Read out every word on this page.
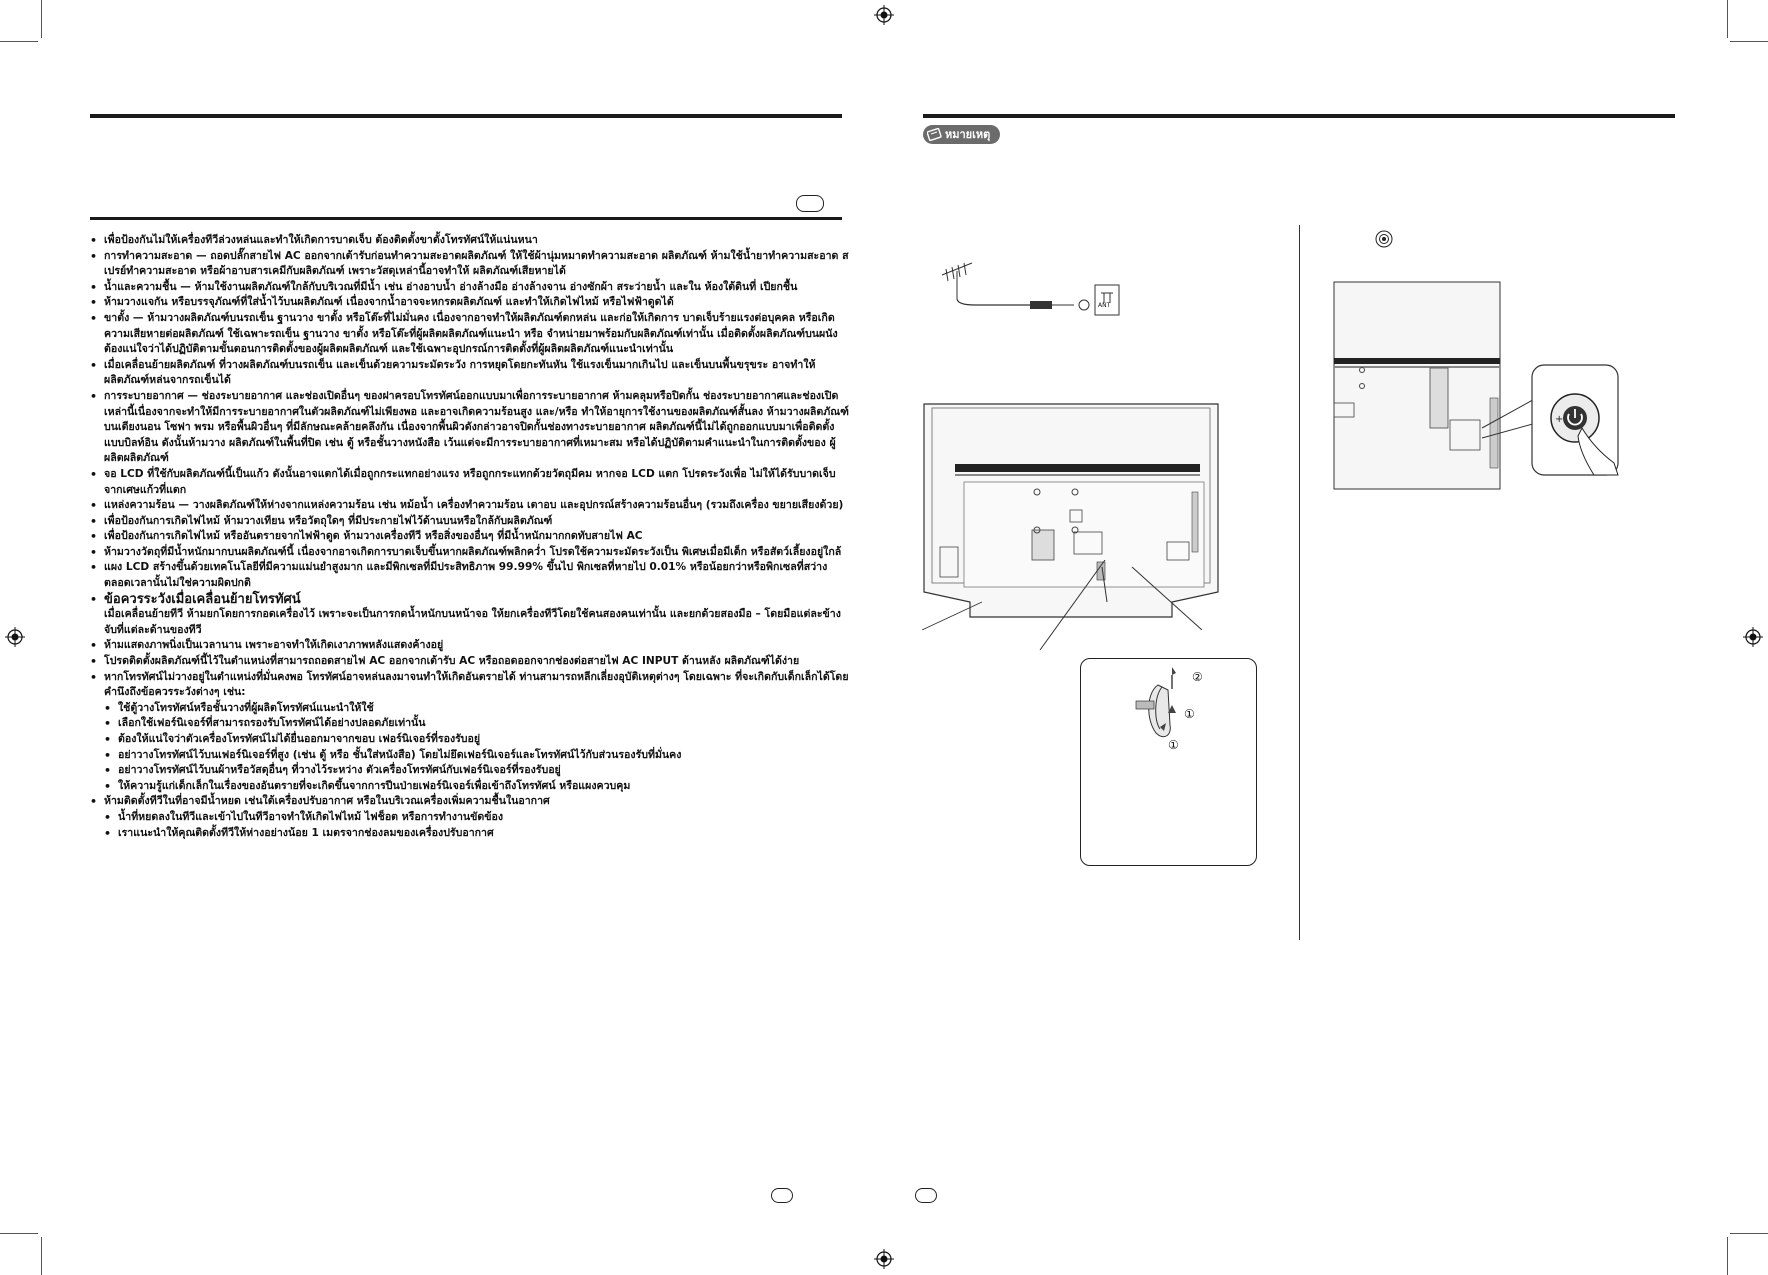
• เพื่อป้องกันไม่ให้เครื่องทีวีล่วงหล่นและทำให้เกิดการบาดเจ็บ ต้องติดตั้งขาตั้งโทรทัศน์ให้แน่นหนา
• การทำความสะอาด — ถอดปลั๊กสายไฟ AC ออกจากเต้ารับก่อนทำความสะอาดผลิตภัณฑ์ ให้ใช้ผ้านุ่มหมาดทำความสะอาด ผลิตภัณฑ์ ห้ามใช้น้ำยาทำความสะอาด สเปรย์ทำความสะอาด หรือผ้าอาบสารเคมีกับผลิตภัณฑ์ เพราะวัสดุเหล่านี้อาจทำให้ ผลิตภัณฑ์เสียหายได้
• น้ำและความชื้น — ห้ามใช้งานผลิตภัณฑ์ใกล้กับบริเวณที่มีน้ำ เช่น อ่างอาบน้ำ อ่างล้างมือ อ่างล้างจาน อ่างซักผ้า สระว่ายน้ำ และใน ห้องใต้ดินที่ เปียกชื้น
• ห้ามวางแจกัน หรือบรรจุภัณฑ์ที่ใส่น้ำไว้บนผลิตภัณฑ์ เนื่องจากน้ำอาจจะหกรดผลิตภัณฑ์ และทำให้เกิดไฟไหม้ หรือไฟฟ้าดูดได้
• ขาตั้ง — ห้ามวางผลิตภัณฑ์บนรถเข็น ฐานวาง ขาตั้ง หรือโต๊ะที่ไม่มั่นคง เนื่องจากอาจทำให้ผลิตภัณฑ์ตกหล่น และก่อให้เกิดการ บาดเจ็บร้ายแรงต่อบุคคล หรือเกิดความเสียหายต่อผลิตภัณฑ์ ใช้เฉพาะรถเข็น ฐานวาง ขาตั้ง หรือโต๊ะที่ผู้ผลิตผลิตภัณฑ์แนะนำ หรือ จำหน่ายมาพร้อมกับผลิตภัณฑ์เท่านั้น เมื่อติดตั้งผลิตภัณฑ์บนผนัง ต้องแน่ใจว่าได้ปฏิบัติตามขั้นตอนการติดตั้งของผู้ผลิตผลิตภัณฑ์ และใช้เฉพาะอุปกรณ์การติดตั้งที่ผู้ผลิตผลิตภัณฑ์แนะนำเท่านั้น
• เมื่อเคลื่อนย้ายผลิตภัณฑ์ ที่วางผลิตภัณฑ์บนรถเข็น และเข็นด้วยความระมัดระวัง การหยุดโดยกะทันหัน ใช้แรงเข็นมากเกินไป และเข็นบนพื้นขรุขระ อาจทำให้ผลิตภัณฑ์หล่นจากรถเข็นได้
• การระบายอากาศ — ช่องระบายอากาศ และช่องเปิดอื่นๆ ของฝาครอบโทรทัศน์ออกแบบมาเพื่อการระบายอากาศ ห้ามคลุมหรือปิดกั้น ช่องระบายอากาศและช่องเปิดเหล่านี้เนื่องจากจะทำให้มีการระบายอากาศในตัวผลิตภัณฑ์ไม่เพียงพอ และอาจเกิดความร้อนสูง และ/หรือ ทำให้อายุการใช้งานของผลิตภัณฑ์สั้นลง ห้ามวางผลิตภัณฑ์บนเตียงนอน โซฟา พรม หรือพื้นผิวอื่นๆ ที่มีลักษณะคล้ายคลึงกัน เนื่องจากพื้นผิวดังกล่าวอาจปิดกั้นช่องทางระบายอากาศ ผลิตภัณฑ์นี้ไม่ได้ถูกออกแบบมาเพื่อติดตั้งแบบบิลท์อิน ดังนั้นห้ามวาง ผลิตภัณฑ์ในพื้นที่ปิด เช่น ตู้ หรือชั้นวางหนังสือ เว้นแต่จะมีการระบายอากาศที่เหมาะสม หรือได้ปฏิบัติตามคำแนะนำในการติดตั้งของ ผู้ผลิตผลิตภัณฑ์
• จอ LCD ที่ใช้กับผลิตภัณฑ์นี้เป็นแก้ว ดังนั้นอาจแตกได้เมื่อถูกกระแทกอย่างแรง หรือถูกกระแทกด้วยวัตถุมีคม หากจอ LCD แตก โปรดระวังเพื่อ ไม่ให้ได้รับบาดเจ็บจากเศษแก้วที่แตก
• แหล่งความร้อน — วางผลิตภัณฑ์ให้ห่างจากแหล่งความร้อน เช่น หม้อน้ำ เครื่องทำความร้อน เตาอบ และอุปกรณ์สร้างความร้อนอื่นๆ (รวมถึงเครื่อง ขยายเสียงด้วย)
• เพื่อป้องกันการเกิดไฟไหม้ ห้ามวางเทียน หรือวัตถุใดๆ ที่มีประกายไฟไว้ด้านบนหรือใกล้กับผลิตภัณฑ์
• เพื่อป้องกันการเกิดไฟไหม้ หรืออันตรายจากไฟฟ้าดูด ห้ามวางเครื่องทีวี หรือสิ่งของอื่นๆ ที่มีน้ำหนักมากกดทับสายไฟ AC
• ห้ามวางวัตถุที่มีน้ำหนักมากบนผลิตภัณฑ์นี้ เนื่องจากอาจเกิดการบาดเจ็บขึ้นหากผลิตภัณฑ์พลิกคว่ำ โปรดใช้ความระมัดระวังเป็น พิเศษเมื่อมีเด็ก หรือสัตว์เลี้ยงอยู่ใกล้
• แผง LCD สร้างขึ้นด้วยเทคโนโลยีที่มีความแม่นยำสูงมาก และมีพิกเซลที่มีประสิทธิภาพ 99.99% ขึ้นไป พิกเซลที่หายไป 0.01% หรือน้อยกว่าหรือพิกเซลที่สว่างตลอดเวลานั้นไม่ใช่ความผิดปกติ
• ข้อควรระวังเมื่อเคลื่อนย้ายโทรทัศน์
เมื่อเคลื่อนย้ายทีวี ห้ามยกโดยการกอดเครื่องไว้ เพราะจะเป็นการกดน้ำหนักบนหน้าจอ ให้ยกเครื่องทีวีโดยใช้คนสองคนเท่านั้น และยกด้วยสองมือ – โดยมือแต่ละข้างจับที่แต่ละด้านของทีวี
• ห้ามแสดงภาพนิ่งเป็นเวลานาน เพราะอาจทำให้เกิดเงาภาพหลังแสดงค้างอยู่
• โปรดติดตั้งผลิตภัณฑ์นี้ไว้ในตำแหน่งที่สามารถถอดสายไฟ AC ออกจากเต้ารับ AC หรือถอดออกจากช่องต่อสายไฟ AC INPUT ด้านหลัง ผลิตภัณฑ์ได้ง่าย
• หากโทรทัศน์ไม่วางอยู่ในตำแหน่งที่มั่นคงพอ โทรทัศน์อาจหล่นลงมาจนทำให้เกิดอันตรายได้ ท่านสามารถหลีกเลี่ยงอุบัติเหตุต่างๆ โดยเฉพาะ ที่จะเกิดกับเด็กเล็กได้โดยคำนึงถึงข้อควรระวังต่างๆ เช่น:
• ใช้ตู้วางโทรทัศน์หรือชั้นวางที่ผู้ผลิตโทรทัศน์แนะนำให้ใช้
• เลือกใช้เฟอร์นิเจอร์ที่สามารถรองรับโทรทัศน์ได้อย่างปลอดภัยเท่านั้น
• ต้องให้แน่ใจว่าตัวเครื่องโทรทัศน์ไม่ได้ยื่นออกมาจากขอบ เฟอร์นิเจอร์ที่รองรับอยู่
• อย่าวางโทรทัศน์ไว้บนเฟอร์นิเจอร์ที่สูง (เช่น ตู้ หรือ ชั้นใส่หนังสือ) โดยไม่ยึดเฟอร์นิเจอร์และโทรทัศน์ไว้กับส่วนรองรับที่มั่นคง
• อย่าวางโทรทัศน์ไว้บนผ้าหรือวัสดุอื่นๆ ที่วางไว้ระหว่าง ตัวเครื่องโทรทัศน์กับเฟอร์นิเจอร์ที่รองรับอยู่
• ให้ความรู้แก่เด็กเล็กในเรื่องของอันตรายที่จะเกิดขึ้นจากการปีนป่ายเฟอร์นิเจอร์เพื่อเข้าถึงโทรทัศน์ หรือแผงควบคุม
• ห้ามติดตั้งทีวีในที่อาจมีน้ำหยด เช่นใต้เครื่องปรับอากาศ หรือในบริเวณเครื่องเพิ่มความชื้นในอากาศ
• น้ำที่หยดลงในทีวีและเข้าไปในทีวีอาจทำให้เกิดไฟไหม้ ไฟช็อต หรือการทำงานขัดข้อง
• เราแนะนำให้คุณติดตั้งทีวีให้ห่างอย่างน้อย 1 เมตรจากช่องลมของเครื่องปรับอากาศ
หมายเหตุ
ANT
②
①
①
+
